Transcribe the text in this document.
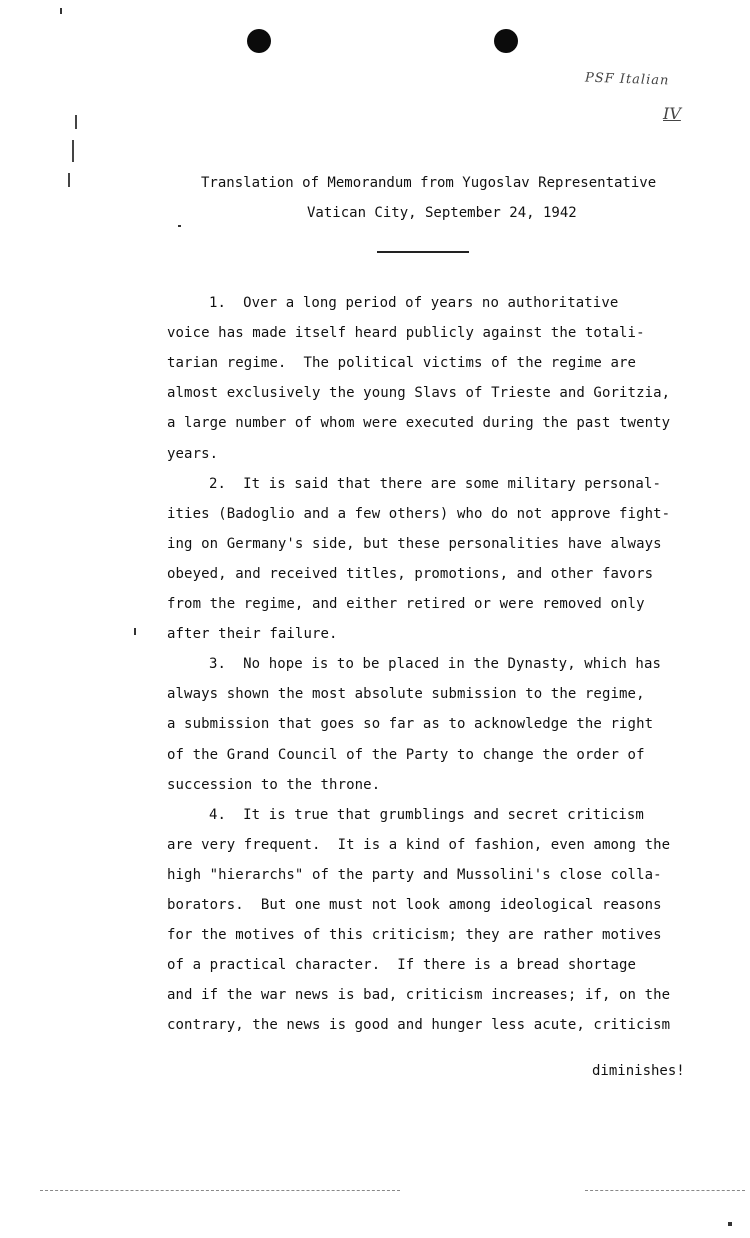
PSF Italian
IV
Translation of Memorandum from Yugoslav Representative
Vatican City, September 24, 1942
1.  Over a long period of years no authoritative
voice has made itself heard publicly against the totali-
tarian regime.  The political victims of the regime are
almost exclusively the young Slavs of Trieste and Goritzia,
a large number of whom were executed during the past twenty
years.
2.  It is said that there are some military personal-
ities (Badoglio and a few others) who do not approve fight-
ing on Germany's side, but these personalities have always
obeyed, and received titles, promotions, and other favors
from the regime, and either retired or were removed only
after their failure.
3.  No hope is to be placed in the Dynasty, which has
always shown the most absolute submission to the regime,
a submission that goes so far as to acknowledge the right
of the Grand Council of the Party to change the order of
succession to the throne.
4.  It is true that grumblings and secret criticism
are very frequent.  It is a kind of fashion, even among the
high "hierarchs" of the party and Mussolini's close colla-
borators.  But one must not look among ideological reasons
for the motives of this criticism; they are rather motives
of a practical character.  If there is a bread shortage
and if the war news is bad, criticism increases; if, on the
contrary, the news is good and hunger less acute, criticism
diminishes!
